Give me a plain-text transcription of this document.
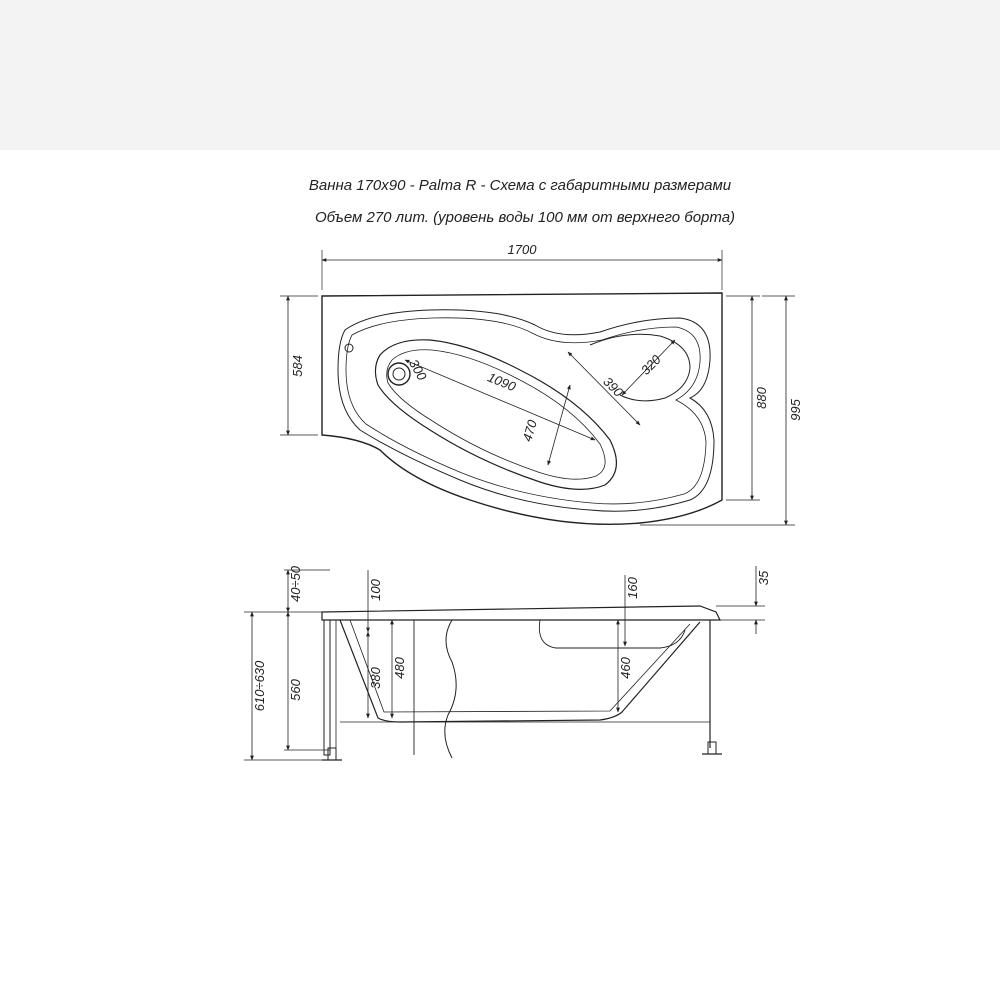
Ванна 170х90 - Palma R - Схема с габаритными размерами
Объем 270 лит. (уровень воды 100 мм от верхнего борта)
1700
584
880
995
300	1090
470
390
320
610÷630 560
40÷50	100
380 480	460
160	35
